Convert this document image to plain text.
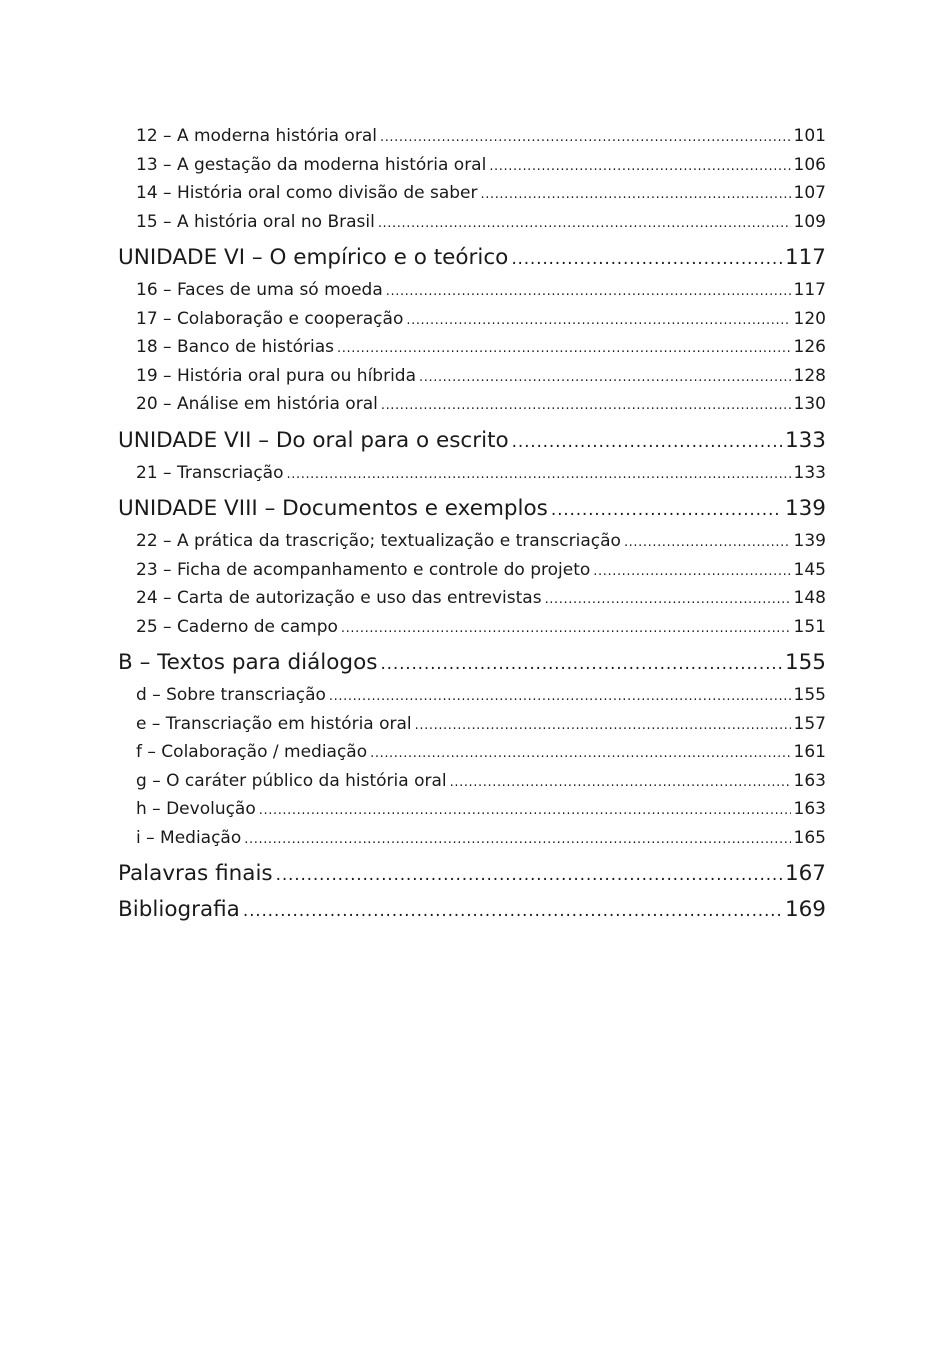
12 – A moderna história oral .....	101
13 – A gestação da moderna história oral .....	106
14 – História oral como divisão de saber .....	107
15 – A história oral no Brasil .....	109
UNIDADE VI – O empírico e o teórico .....	117
16 – Faces de uma só moeda .....	117
17 – Colaboração e cooperação .....	120
18 – Banco de histórias .....	126
19 – História oral pura ou híbrida .....	128
20 – Análise em história oral .....	130
UNIDADE VII – Do oral para o escrito .....	133
21 – Transcriação .....	133
UNIDADE VIII – Documentos e exemplos .....	139
22 – A prática da trascrição; textualização e transcriação .....	139
23 – Ficha de acompanhamento e controle do projeto .....	145
24 – Carta de autorização e uso das entrevistas .....	148
25 – Caderno de campo .....	151
B – Textos para diálogos .....	155
d – Sobre transcriação .....	155
e – Transcriação em história oral .....	157
f – Colaboração / mediação .....	161
g – O caráter público da história oral .....	163
h – Devolução .....	163
i – Mediação .....	165
Palavras finais .....	167
Bibliografia .....	169
